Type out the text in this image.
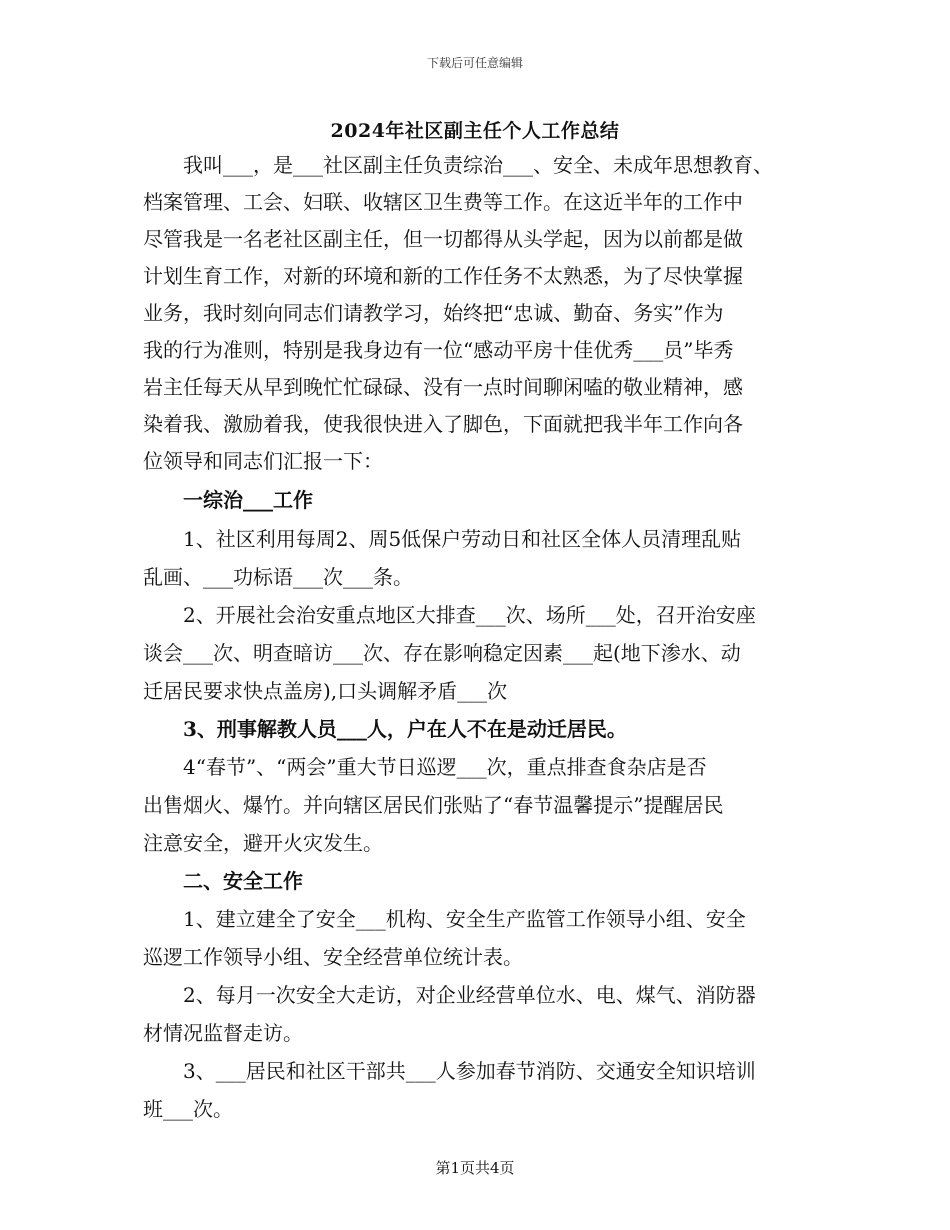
下载后可任意编辑
2024年社区副主任个人工作总结

我叫___，是___社区副主任负责综治___、安全、未成年思想教育、
档案管理、工会、妇联、收辖区卫生费等工作。在这近半年的工作中
尽管我是一名老社区副主任，但一切都得从头学起，因为以前都是做
计划生育工作，对新的环境和新的工作任务不太熟悉，为了尽快掌握
业务，我时刻向同志们请教学习，始终把“忠诚、勤奋、务实”作为
我的行为准则，特别是我身边有一位“感动平房十佳优秀___员”毕秀
岩主任每天从早到晚忙忙碌碌、没有一点时间聊闲嗑的敬业精神，感
染着我、激励着我，使我很快进入了脚色，下面就把我半年工作向各
位领导和同志们汇报一下：

一综治___工作

1、社区利用每周2、周5低保户劳动日和社区全体人员清理乱贴
乱画、___功标语___次___条。

2、开展社会治安重点地区大排查___次、场所___处，召开治安座
谈会___次、明查暗访___次、存在影响稳定因素___起(地下渗水、动
迁居民要求快点盖房),口头调解矛盾___次

3、刑事解教人员___人，户在人不在是动迁居民。

4“春节”、“两会”重大节日巡逻___次，重点排查食杂店是否
出售烟火、爆竹。并向辖区居民们张贴了“春节温馨提示”提醒居民
注意安全，避开火灾发生。

二、安全工作

1、建立建全了安全___机构、安全生产监管工作领导小组、安全
巡逻工作领导小组、安全经营单位统计表。

2、每月一次安全大走访，对企业经营单位水、电、煤气、消防器
材情况监督走访。

3、___居民和社区干部共___人参加春节消防、交通安全知识培训
班___次。

第1页共4页
